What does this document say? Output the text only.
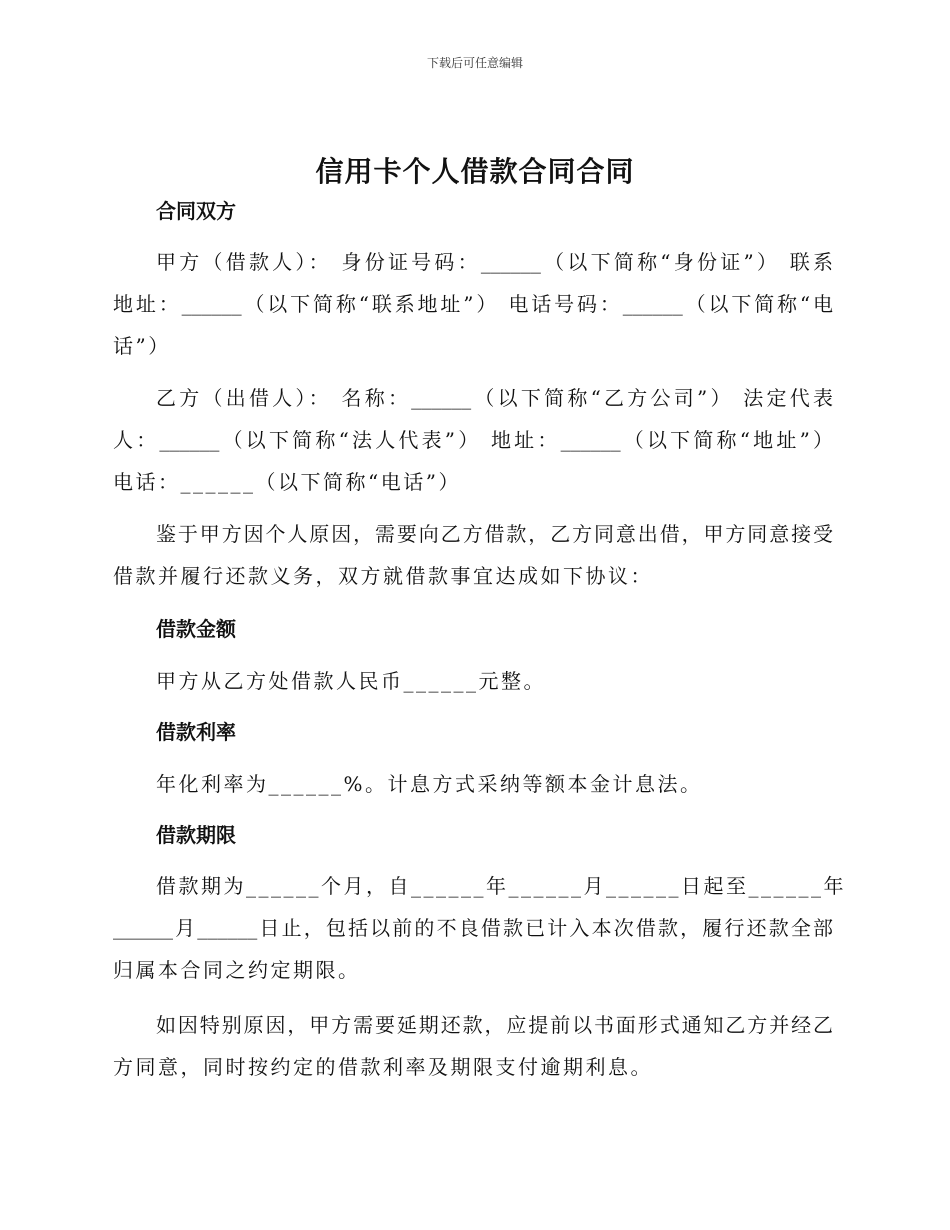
下载后可任意编辑
信用卡个人借款合同合同
合同双方
甲方（借款人）： 身份证号码：______（以下简称“身份证”） 联系
地址：______（以下简称“联系地址”） 电话号码：______（以下简称“电
话”）
乙方（出借人）： 名称：______（以下简称“乙方公司”） 法定代表
人：______（以下简称“法人代表”） 地址：______（以下简称“地址”）
电话：______（以下简称“电话”）
鉴于甲方因个人原因，需要向乙方借款，乙方同意出借，甲方同意接受
借款并履行还款义务，双方就借款事宜达成如下协议：
借款金额
甲方从乙方处借款人民币______元整。
借款利率
年化利率为______%。计息方式采纳等额本金计息法。
借款期限
借款期为______个月，自______年______月______日起至______年
______月______日止，包括以前的不良借款已计入本次借款，履行还款全部
归属本合同之约定期限。
如因特别原因，甲方需要延期还款，应提前以书面形式通知乙方并经乙
方同意，同时按约定的借款利率及期限支付逾期利息。
